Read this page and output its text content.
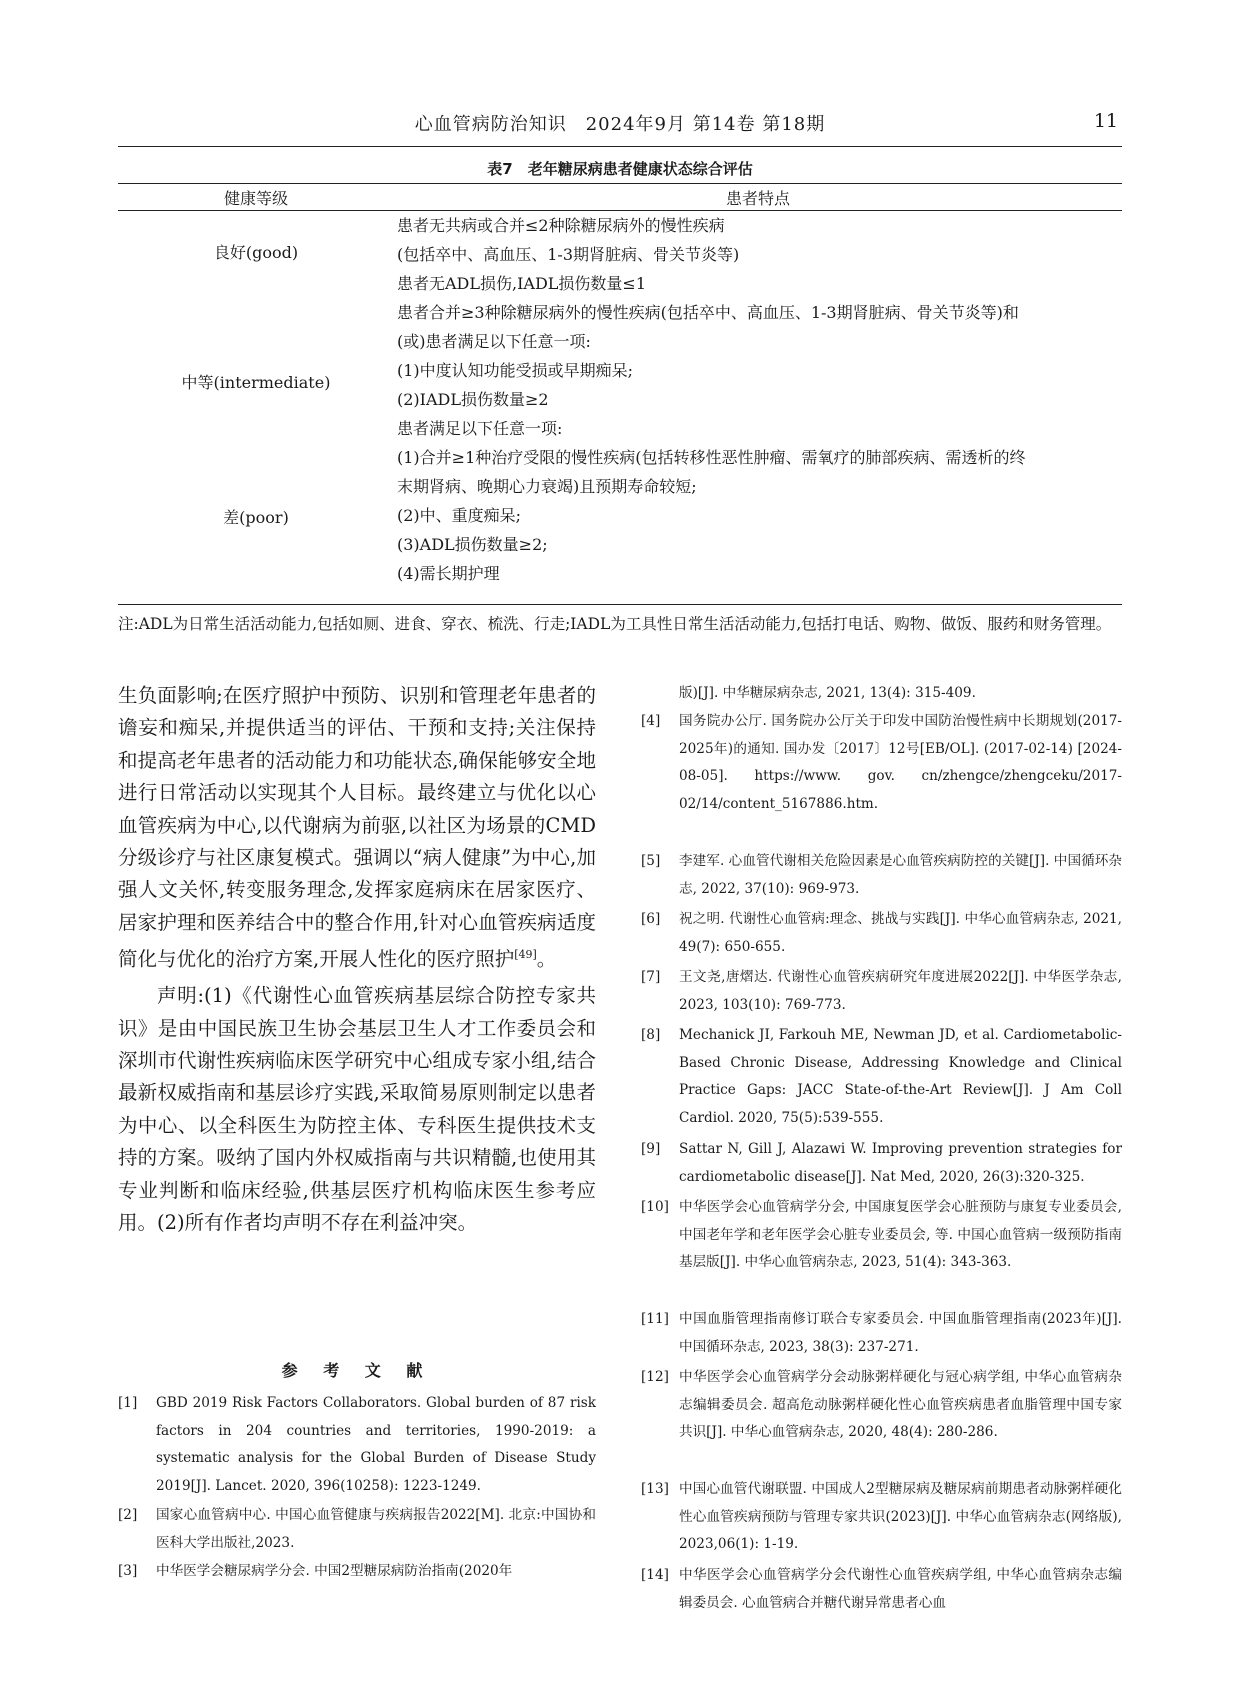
心血管病防治知识　2024年9月 第14卷 第18期	11
表7　老年糖尿病患者健康状态综合评估
健康等级	患者特点
良好(good)
患者无共病或合并≤2种除糖尿病外的慢性疾病
(包括卒中、高血压、1-3期肾脏病、骨关节炎等)
患者无ADL损伤,IADL损伤数量≤1
中等(intermediate)
患者合并≥3种除糖尿病外的慢性疾病(包括卒中、高血压、1-3期肾脏病、骨关节炎等)和
(或)患者满足以下任意一项:
(1)中度认知功能受损或早期痴呆;
(2)IADL损伤数量≥2
差(poor)
患者满足以下任意一项:
(1)合并≥1种治疗受限的慢性疾病(包括转移性恶性肿瘤、需氧疗的肺部疾病、需透析的终
末期肾病、晚期心力衰竭)且预期寿命较短;
(2)中、重度痴呆;
(3)ADL损伤数量≥2;
(4)需长期护理
注:ADL为日常生活活动能力,包括如厕、进食、穿衣、梳洗、行走;IADL为工具性日常生活活动能力,包括打电话、购物、做饭、服药和财务管理。

生负面影响;在医疗照护中预防、识别和管理老年患者的谵妄和痴呆,并提供适当的评估、干预和支持;关注保持和提高老年患者的活动能力和功能状态,确保能够安全地进行日常活动以实现其个人目标。最终建立与优化以心血管疾病为中心,以代谢病为前驱,以社区为场景的CMD分级诊疗与社区康复模式。强调以“病人健康”为中心,加强人文关怀,转变服务理念,发挥家庭病床在居家医疗、居家护理和医养结合中的整合作用,针对心血管疾病适度简化与优化的治疗方案,开展人性化的医疗照护[49]。

声明:(1)《代谢性心血管疾病基层综合防控专家共识》是由中国民族卫生协会基层卫生人才工作委员会和深圳市代谢性疾病临床医学研究中心组成专家小组,结合最新权威指南和基层诊疗实践,采取简易原则制定以患者为中心、以全科医生为防控主体、专科医生提供技术支持的方案。吸纳了国内外权威指南与共识精髓,也使用其专业判断和临床经验,供基层医疗机构临床医生参考应用。(2)所有作者均声明不存在利益冲突。

参 考 文 献
[1] GBD 2019 Risk Factors Collaborators. Global burden of 87 risk factors in 204 countries and territories, 1990-2019: a systematic analysis for the Global Burden of Disease Study 2019[J]. Lancet. 2020, 396(10258): 1223-1249.
[2] 国家心血管病中心. 中国心血管健康与疾病报告2022[M]. 北京:中国协和医科大学出版社,2023.
[3] 中华医学会糖尿病学分会. 中国2型糖尿病防治指南(2020年
版)[J]. 中华糖尿病杂志, 2021, 13(4): 315-409.
[4] 国务院办公厅. 国务院办公厅关于印发中国防治慢性病中长期规划(2017-2025年)的通知. 国办发〔2017〕12号[EB/OL]. (2017-02-14) [2024-08-05]. https://www. gov. cn/zhengce/zhengceku/2017-02/14/content_5167886.htm.
[5] 李建军. 心血管代谢相关危险因素是心血管疾病防控的关键[J]. 中国循环杂志, 2022, 37(10): 969-973.
[6] 祝之明. 代谢性心血管病:理念、挑战与实践[J]. 中华心血管病杂志, 2021, 49(7): 650-655.
[7] 王文尧,唐熠达. 代谢性心血管疾病研究年度进展2022[J]. 中华医学杂志, 2023, 103(10): 769-773.
[8] Mechanick JI, Farkouh ME, Newman JD, et al. Cardiometabolic-Based Chronic Disease, Addressing Knowledge and Clinical Practice Gaps: JACC State-of-the-Art Review[J]. J Am Coll Cardiol. 2020, 75(5):539-555.
[9] Sattar N, Gill J, Alazawi W. Improving prevention strategies for cardiometabolic disease[J]. Nat Med, 2020, 26(3):320-325.
[10] 中华医学会心血管病学分会, 中国康复医学会心脏预防与康复专业委员会, 中国老年学和老年医学会心脏专业委员会, 等. 中国心血管病一级预防指南基层版[J]. 中华心血管病杂志, 2023, 51(4): 343-363.
[11] 中国血脂管理指南修订联合专家委员会. 中国血脂管理指南(2023年)[J]. 中国循环杂志, 2023, 38(3): 237-271.
[12] 中华医学会心血管病学分会动脉粥样硬化与冠心病学组, 中华心血管病杂志编辑委员会. 超高危动脉粥样硬化性心血管疾病患者血脂管理中国专家共识[J]. 中华心血管病杂志, 2020, 48(4): 280-286.
[13] 中国心血管代谢联盟. 中国成人2型糖尿病及糖尿病前期患者动脉粥样硬化性心血管疾病预防与管理专家共识(2023)[J]. 中华心血管病杂志(网络版), 2023,06(1): 1-19.
[14] 中华医学会心血管病学分会代谢性心血管疾病学组, 中华心血管病杂志编辑委员会. 心血管病合并糖代谢异常患者心血
